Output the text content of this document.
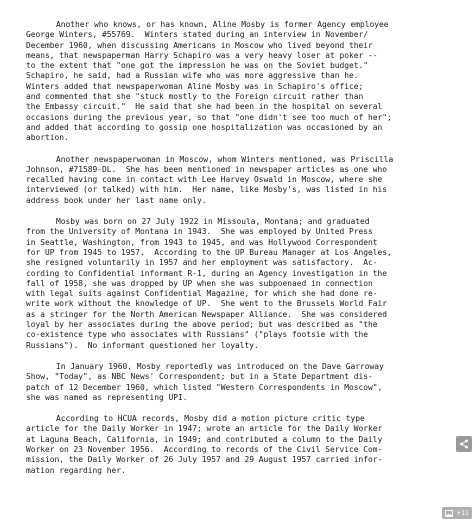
Another who knows, or has known, Aline Mosby is former Agency employee
George Winters, #55769.  Winters stated during an interview in November/
December 1960, when discussing Americans in Moscow who lived beyond their
means, that newspaperman Harry Schapiro was a very heavy loser at poker --
to the extent that "one got the impression he was on the Soviet budget."
Schapiro, he said, had a Russian wife who was more aggressive than he.
Winters added that newspaperwoman Aline Mosby was in Schapiro's office;
and commented that she "stuck mostly to the Foreign circuit rather than
the Embassy circuit."  He said that she had been in the hospital on several
occasions during the previous year, so that "one didn't see too much of her";
and added that according to gossip one hospitalization was occasioned by an
abortion.
Another newspaperwoman in Moscow, whom Winters mentioned, was Priscilla
Johnson, #71589-DL.  She has been mentioned in newspaper articles as one who
recalled having come in contact with Lee Harvey Oswald in Moscow, where she
interviewed (or talked) with him.  Her name, like Mosby's, was listed in his
address book under her last name only.
Mosby was born on 27 July 1922 in Missoula, Montana; and graduated
from the University of Montana in 1943.  She was employed by United Press
in Seattle, Washington, from 1943 to 1945, and was Hollywood Correspondent
for UP from 1945 to 1957.  According to the UP Bureau Manager at Los Angeles,
she resigned voluntarily in 1957 and her employment was satisfactory.  Ac-
cording to Confidential informant R-1, during an Agency investigation in the
fall of 1958, she was dropped by UP when she was subpoenaed in connection
with legal suits against Confidential Magazine, for which she had done re-
write work without the knowledge of UP.  She went to the Brussels World Fair
as a stringer for the North American Newspaper Alliance.  She was considered
loyal by her associates during the above period; but was described as "the
co-existence type who associates with Russians" ("plays footsie with the
Russians").  No informant questioned her loyalty.
In January 1960, Mosby reportedly was introduced on the Dave Garroway
Show, "Today", as NBC News' Correspondent; but in a State Department dis-
patch of 12 December 1960, which listed "Western Correspondents in Moscow",
she was named as representing UPI.
According to HCUA records, Mosby did a motion picture critic type
article for the Daily Worker in 1947; wrote an article for the Daily Worker
at Laguna Beach, California, in 1949; and contributed a column to the Daily
Worker on 23 November 1956.  According to records of the Civil Service Com-
mission, the Daily Worker of 26 July 1957 and 29 August 1957 carried infor-
mation regarding her.
+11
